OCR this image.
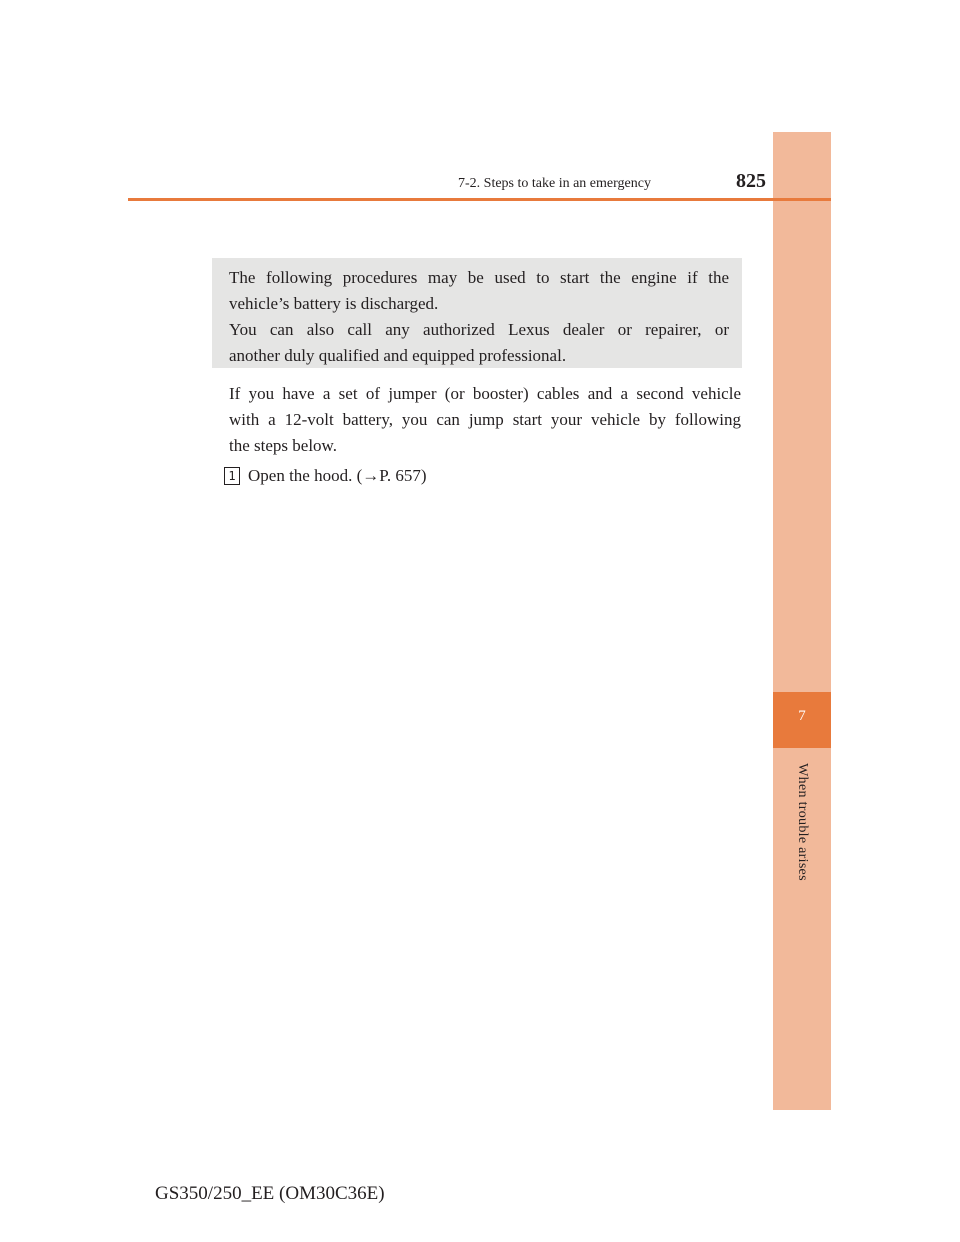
7
When trouble arises
7-2. Steps to take in an emergency	825
The following procedures may be used to start the engine if the
vehicle’s battery is discharged.
You can also call any authorized Lexus dealer or repairer, or
another duly qualified and equipped professional.
If you have a set of jumper (or booster) cables and a second vehicle
with a 12-volt battery, you can jump start your vehicle by following
the steps below.
1 Open the hood. (→P. 657)
GS350/250_EE (OM30C36E)
